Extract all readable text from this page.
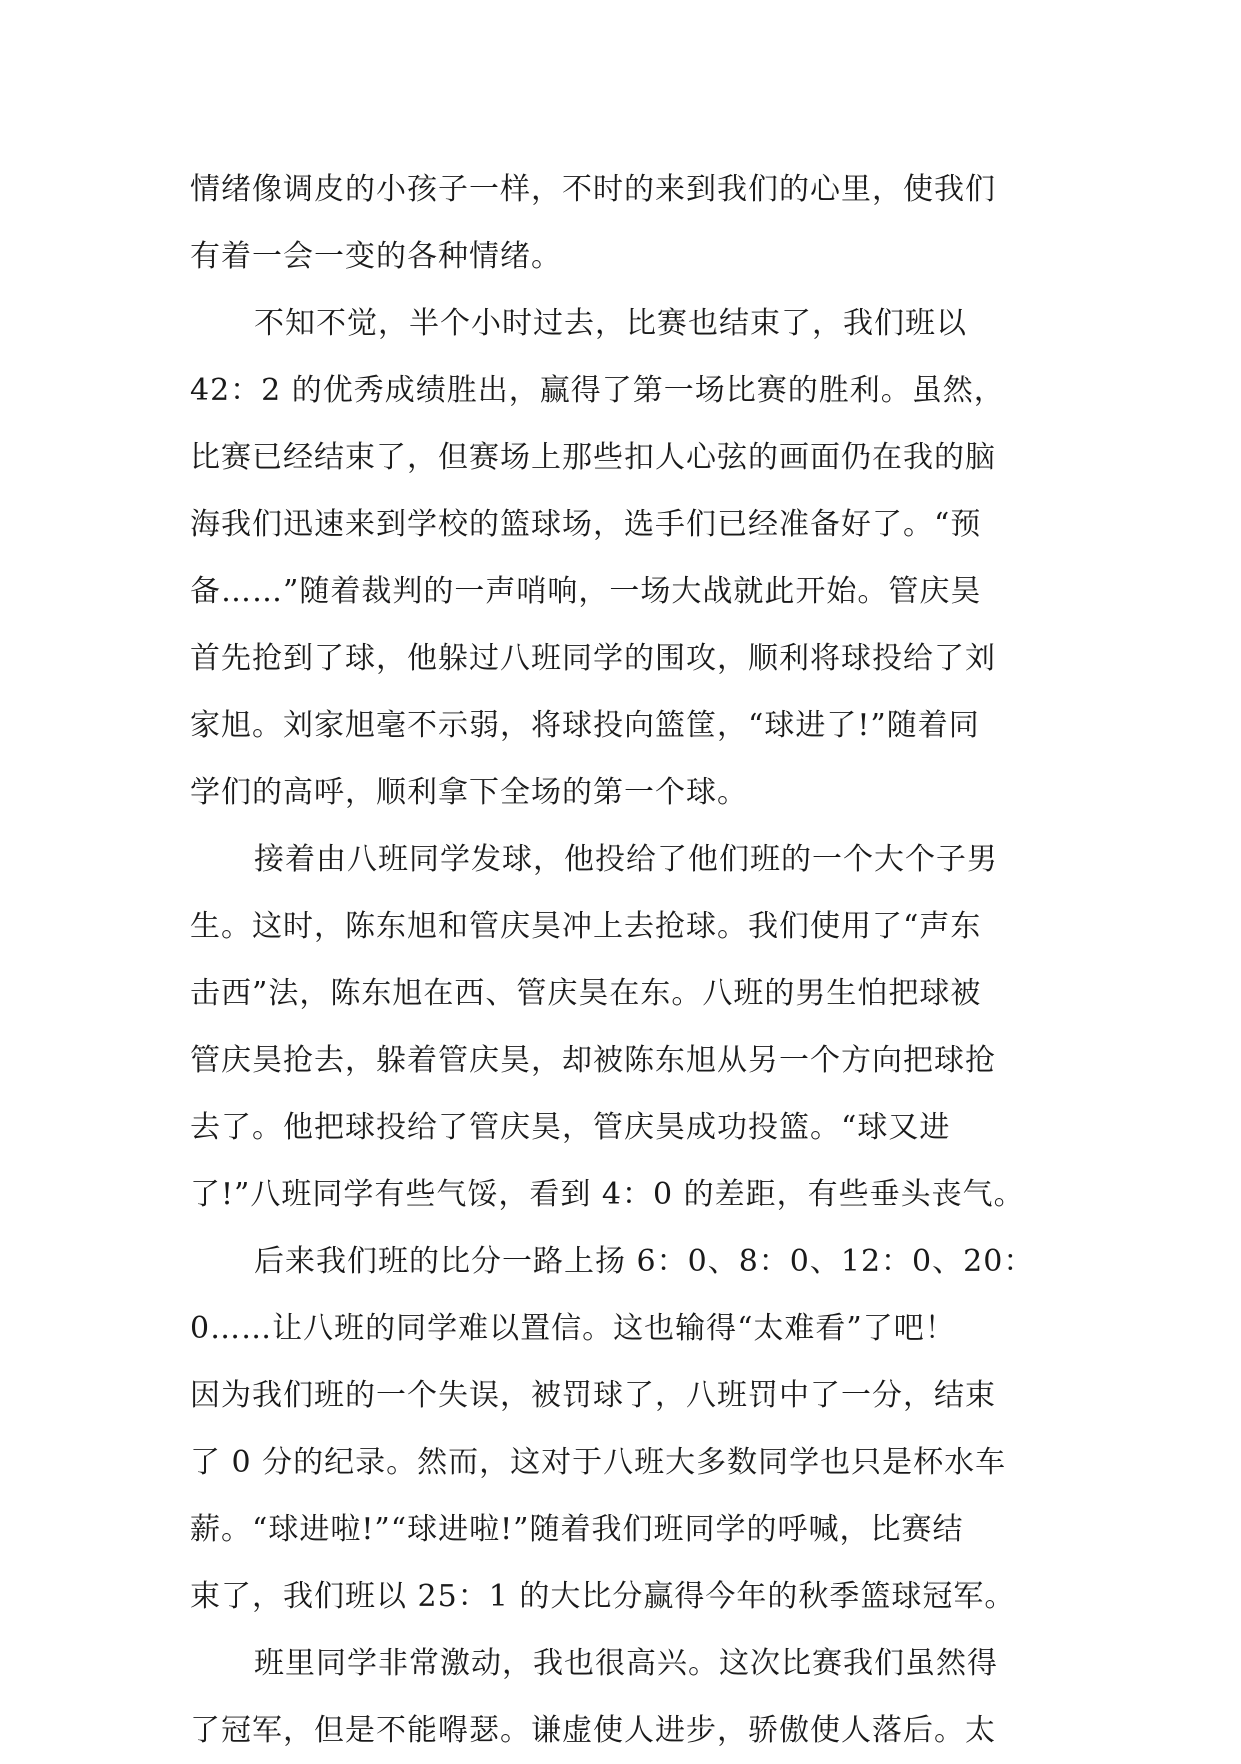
情绪像调皮的小孩子一样，不时的来到我们的心里，使我们
有着一会一变的各种情绪。
不知不觉，半个小时过去，比赛也结束了，我们班以
42：2 的优秀成绩胜出，赢得了第一场比赛的胜利。虽然，
比赛已经结束了，但赛场上那些扣人心弦的画面仍在我的脑
海我们迅速来到学校的篮球场，选手们已经准备好了。“预
备……”随着裁判的一声哨响，一场大战就此开始。管庆昊
首先抢到了球，他躲过八班同学的围攻，顺利将球投给了刘
家旭。刘家旭毫不示弱，将球投向篮筐，“球进了!”随着同
学们的高呼，顺利拿下全场的第一个球。
接着由八班同学发球，他投给了他们班的一个大个子男
生。这时，陈东旭和管庆昊冲上去抢球。我们使用了“声东
击西”法，陈东旭在西、管庆昊在东。八班的男生怕把球被
管庆昊抢去，躲着管庆昊，却被陈东旭从另一个方向把球抢
去了。他把球投给了管庆昊，管庆昊成功投篮。“球又进
了!”八班同学有些气馁，看到 4：0 的差距，有些垂头丧气。
后来我们班的比分一路上扬 6：0、8：0、12：0、20：
0……让八班的同学难以置信。这也输得“太难看”了吧！
因为我们班的一个失误，被罚球了，八班罚中了一分，结束
了 0 分的纪录。然而，这对于八班大多数同学也只是杯水车
薪。“球进啦!”“球进啦!”随着我们班同学的呼喊，比赛结
束了，我们班以 25：1 的大比分赢得今年的秋季篮球冠军。
班里同学非常激动，我也很高兴。这次比赛我们虽然得
了冠军，但是不能嘚瑟。谦虚使人进步，骄傲使人落后。太
